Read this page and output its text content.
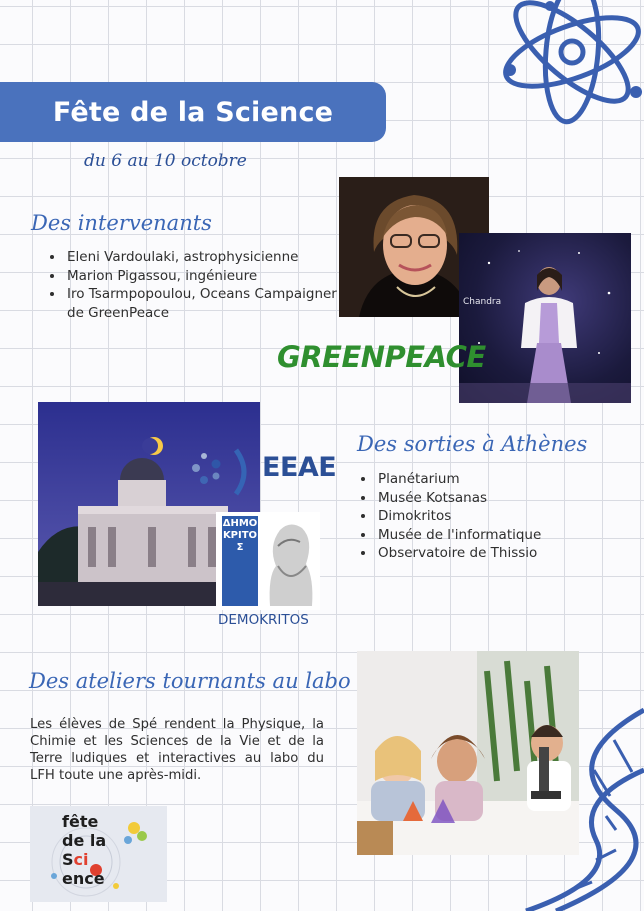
Fête de la Science
du 6 au 10 octobre
Des intervenants
• Eleni Vardoulaki, astrophysicienne
• Marion Pigassou, ingénieure
• Iro Tsarmpopoulou, Oceans Campaigner de GreenPeace
Chandra
GREENPEACE
EEAE
ΔΗΜΟΚΡΙΤΟΣ
DEMOKRITOS
Des sorties à Athènes
• Planétarium
• Musée Kotsanas
• Dimokritos
• Musée de l'informatique
• Observatoire de Thissio
Des ateliers tournants au labo
Les élèves de Spé rendent la Physique, la Chimie et les Sciences de la Vie et de la Terre ludiques et interactives au labo du LFH toute une après-midi.
fête
de la
Sci
ence
